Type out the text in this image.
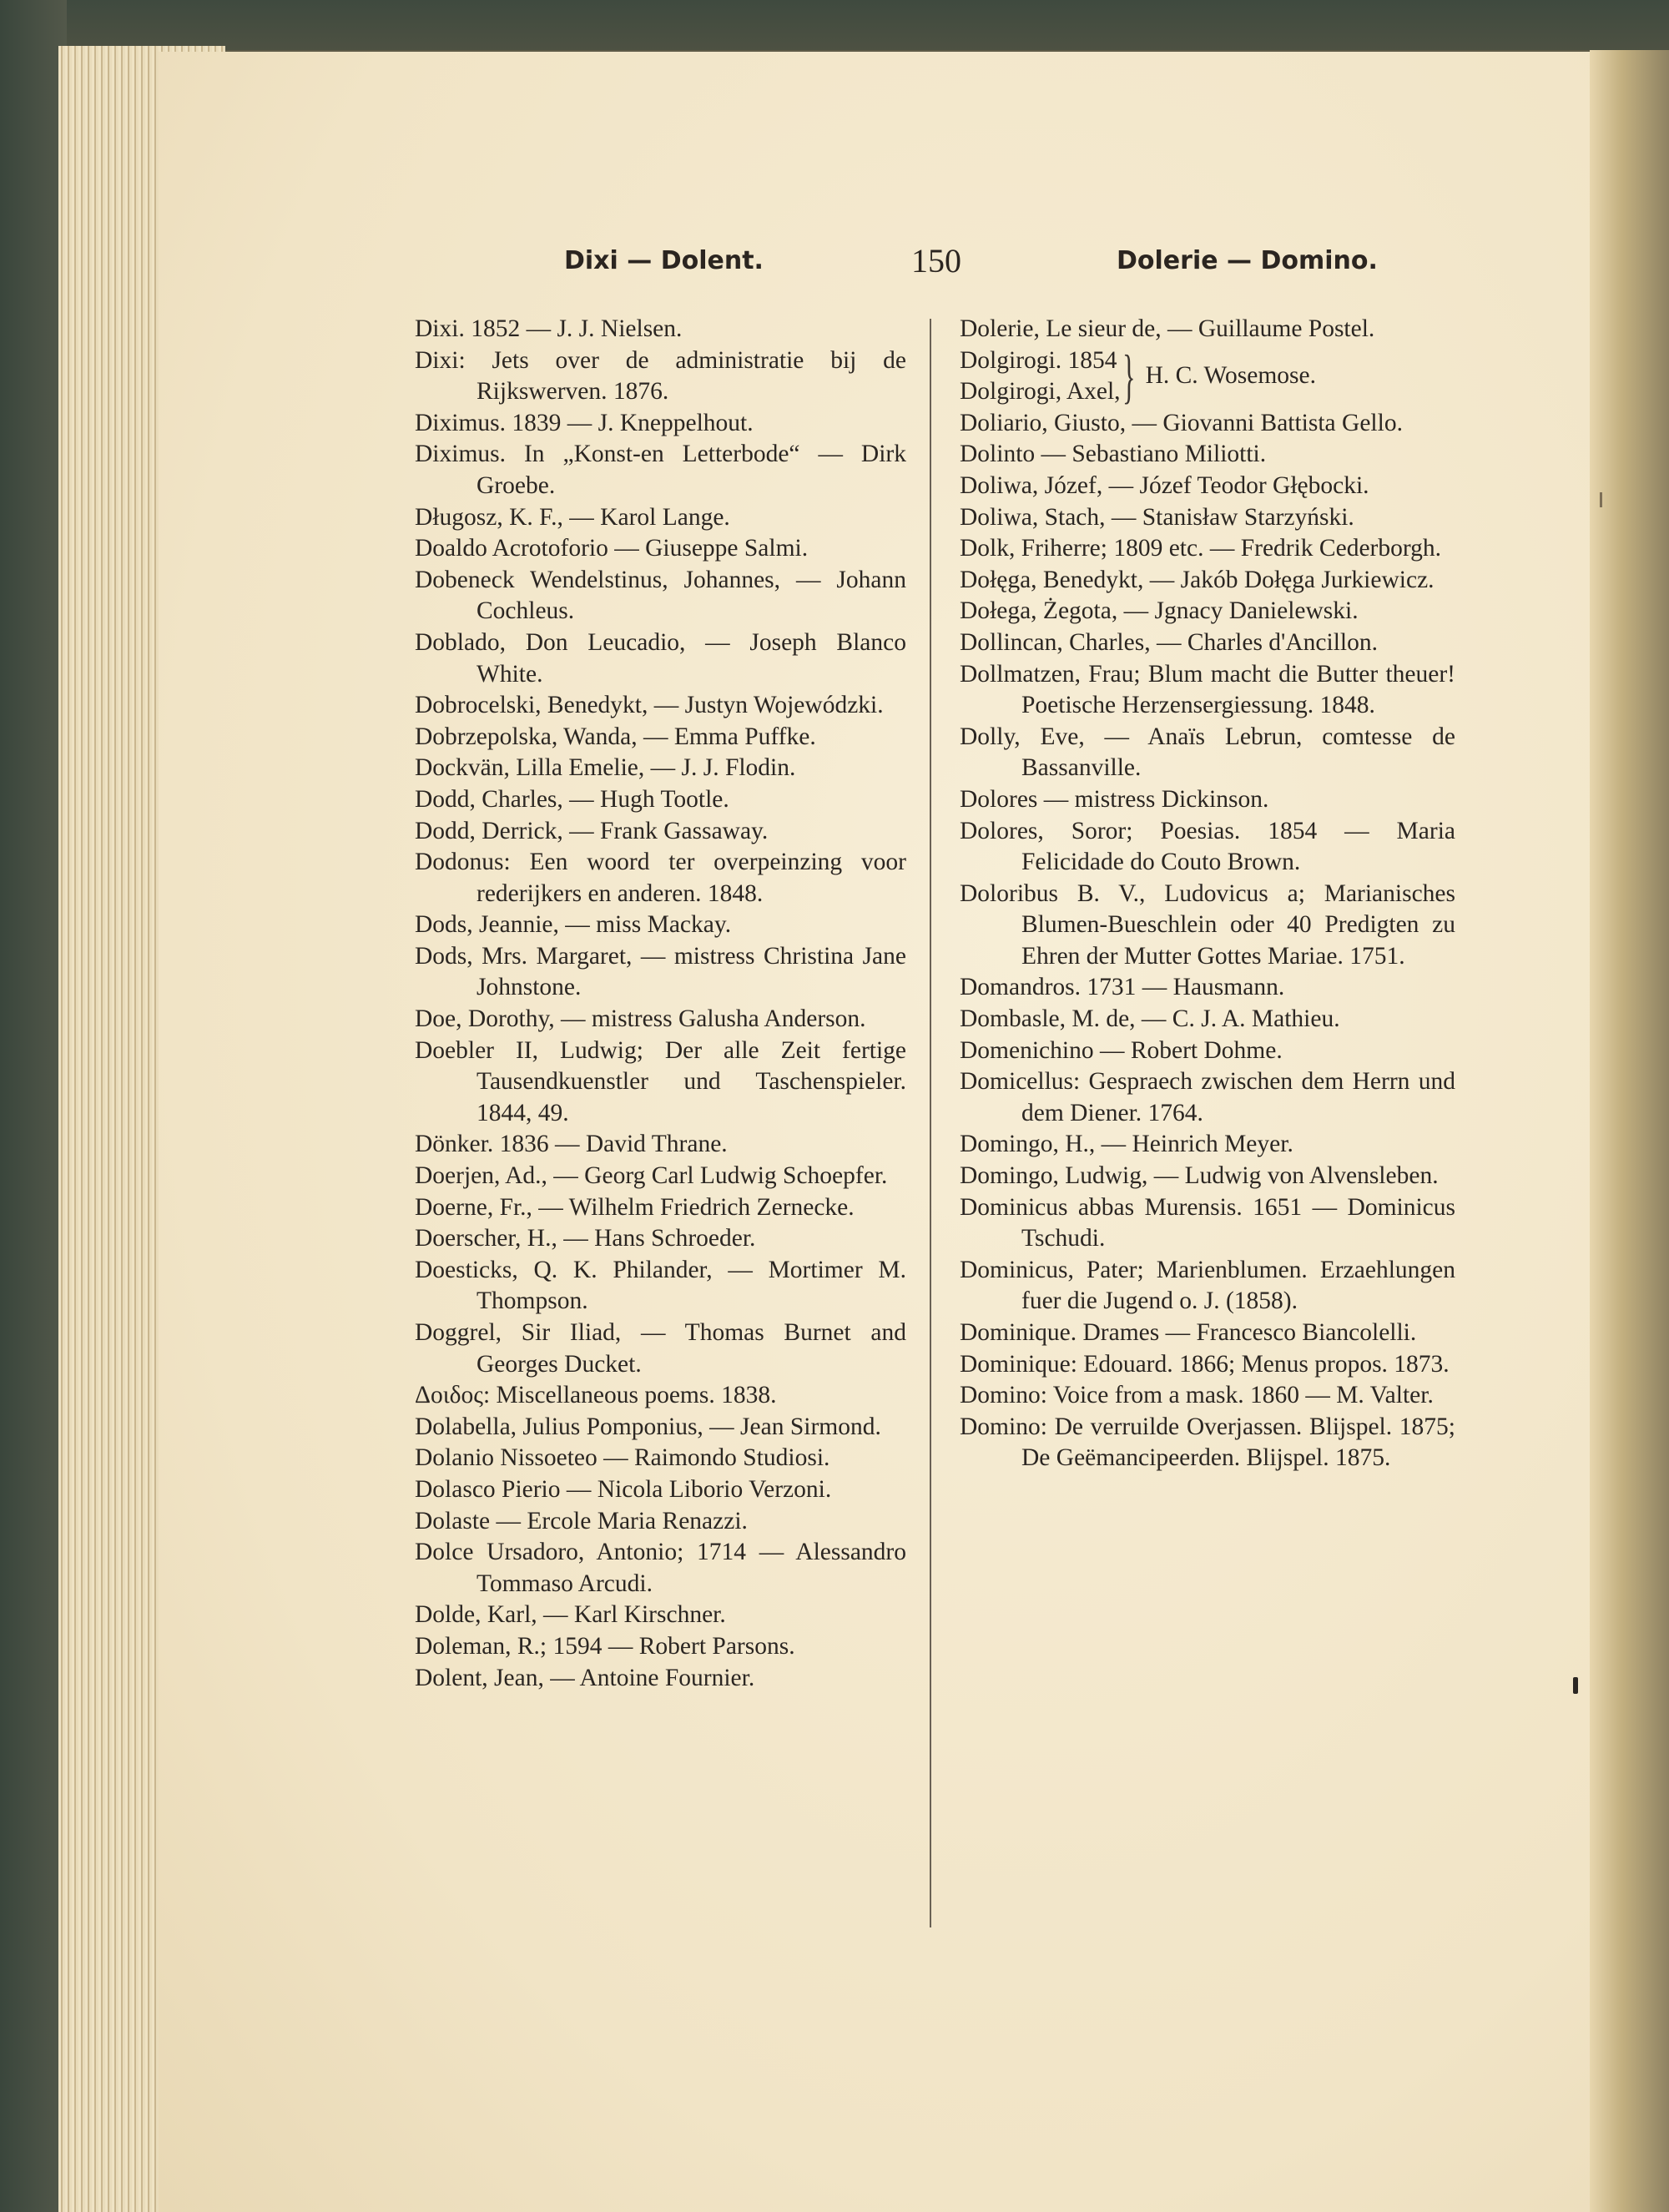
Dixi — Dolent.	150	Dolerie — Domino.
Dixi. 1852 — J. J. Nielsen.
Dixi: Jets over de administratie bij de Rijkswerven. 1876.
Diximus. 1839 — J. Kneppelhout.
Diximus. In „Konst-en Letterbode“ — Dirk Groebe.
Długosz, K. F., — Karol Lange.
Doaldo Acrotoforio — Giuseppe Salmi.
Dobeneck Wendelstinus, Johannes, — Johann Cochleus.
Doblado, Don Leucadio, — Joseph Blanco White.
Dobrocelski, Benedykt, — Justyn Wojewódzki.
Dobrzepolska, Wanda, — Emma Puffke.
Dockvän, Lilla Emelie, — J. J. Flodin.
Dodd, Charles, — Hugh Tootle.
Dodd, Derrick, — Frank Gassaway.
Dodonus: Een woord ter overpeinzing voor rederijkers en anderen. 1848.
Dods, Jeannie, — miss Mackay.
Dods, Mrs. Margaret, — mistress Christina Jane Johnstone.
Doe, Dorothy, — mistress Galusha Anderson.
Doebler II, Ludwig; Der alle Zeit fertige Tausendkuenstler und Taschenspieler. 1844, 49.
Dönker. 1836 — David Thrane.
Doerjen, Ad., — Georg Carl Ludwig Schoepfer.
Doerne, Fr., — Wilhelm Friedrich Zernecke.
Doerscher, H., — Hans Schroeder.
Doesticks, Q. K. Philander, — Mortimer M. Thompson.
Doggrel, Sir Iliad, — Thomas Burnet and Georges Ducket.
Δοιδος: Miscellaneous poems. 1838.
Dolabella, Julius Pomponius, — Jean Sirmond.
Dolanio Nissoeteo — Raimondo Studiosi.
Dolasco Pierio — Nicola Liborio Verzoni.
Dolaste — Ercole Maria Renazzi.
Dolce Ursadoro, Antonio; 1714 — Alessandro Tommaso Arcudi.
Dolde, Karl, — Karl Kirschner.
Doleman, R.; 1594 — Robert Parsons.
Dolent, Jean, — Antoine Fournier.
Dolerie, Le sieur de, — Guillaume Postel.
Dolgirogi. 1854
Dolgirogi, Axel, } H. C. Wosemose.
Doliario, Giusto, — Giovanni Battista Gello.
Dolinto — Sebastiano Miliotti.
Doliwa, Józef, — Józef Teodor Głębocki.
Doliwa, Stach, — Stanisław Starzyński.
Dolk, Friherre; 1809 etc. — Fredrik Cederborgh.
Dołęga, Benedykt, — Jakób Dołęga Jurkiewicz.
Dołega, Żegota, — Jgnacy Danielewski.
Dollincan, Charles, — Charles d'Ancillon.
Dollmatzen, Frau; Blum macht die Butter theuer! Poetische Herzensergiessung. 1848.
Dolly, Eve, — Anaïs Lebrun, comtesse de Bassanville.
Dolores — mistress Dickinson.
Dolores, Soror; Poesias. 1854 — Maria Felicidade do Couto Brown.
Doloribus B. V., Ludovicus a; Marianisches Blumen-Bueschlein oder 40 Predigten zu Ehren der Mutter Gottes Mariae. 1751.
Domandros. 1731 — Hausmann.
Dombasle, M. de, — C. J. A. Mathieu.
Domenichino — Robert Dohme.
Domicellus: Gespraech zwischen dem Herrn und dem Diener. 1764.
Domingo, H., — Heinrich Meyer.
Domingo, Ludwig, — Ludwig von Alvensleben.
Dominicus abbas Murensis. 1651 — Dominicus Tschudi.
Dominicus, Pater; Marienblumen. Erzaehlungen fuer die Jugend o. J. (1858).
Dominique. Drames — Francesco Biancolelli.
Dominique: Edouard. 1866; Menus propos. 1873.
Domino: Voice from a mask. 1860 — M. Valter.
Domino: De verruilde Overjassen. Blijspel. 1875; De Geëmancipeerden. Blijspel. 1875.
